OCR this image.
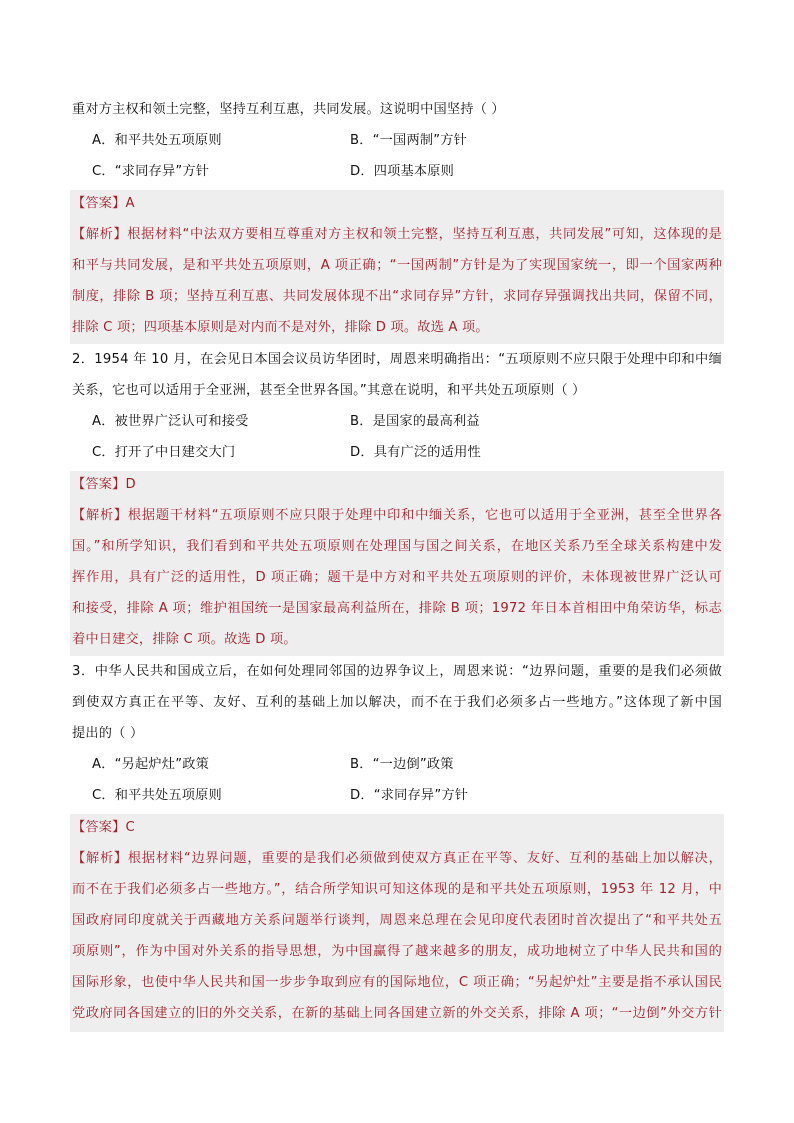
重对方主权和领土完整，坚持互利互惠，共同发展。这说明中国坚持（ ）
A．和平共处五项原则	B．“一国两制”方针
C．“求同存异”方针	D．四项基本原则
【答案】A
【解析】根据材料“中法双方要相互尊重对方主权和领土完整，坚持互利互惠，共同发展”可知，这体现的是
和平与共同发展，是和平共处五项原则，A 项正确；“一国两制”方针是为了实现国家统一，即一个国家两种
制度，排除 B 项；坚持互利互惠、共同发展体现不出“求同存异”方针，求同存异强调找出共同，保留不同，
排除 C 项；四项基本原则是对内而不是对外，排除 D 项。故选 A 项。
2．1954 年 10 月，在会见日本国会议员访华团时，周恩来明确指出：“五项原则不应只限于处理中印和中缅
关系，它也可以适用于全亚洲，甚至全世界各国。”其意在说明，和平共处五项原则（ ）
A．被世界广泛认可和接受	B．是国家的最高利益
C．打开了中日建交大门	D．具有广泛的适用性
【答案】D
【解析】根据题干材料“五项原则不应只限于处理中印和中缅关系，它也可以适用于全亚洲，甚至全世界各
国。”和所学知识，我们看到和平共处五项原则在处理国与国之间关系，在地区关系乃至全球关系构建中发
挥作用，具有广泛的适用性，D 项正确；题干是中方对和平共处五项原则的评价，未体现被世界广泛认可
和接受，排除 A 项；维护祖国统一是国家最高利益所在，排除 B 项；1972 年日本首相田中角荣访华，标志
着中日建交，排除 C 项。故选 D 项。
3．中华人民共和国成立后，在如何处理同邻国的边界争议上，周恩来说：“边界问题，重要的是我们必须做
到使双方真正在平等、友好、互利的基础上加以解决，而不在于我们必须多占一些地方。”这体现了新中国
提出的（ ）
A．“另起炉灶”政策	B．“一边倒”政策
C．和平共处五项原则	D．“求同存异”方针
【答案】C
【解析】根据材料“边界问题，重要的是我们必须做到使双方真正在平等、友好、互利的基础上加以解决，
而不在于我们必须多占一些地方。”，结合所学知识可知这体现的是和平共处五项原则，1953 年 12 月，中
国政府同印度就关于西藏地方关系问题举行谈判，周恩来总理在会见印度代表团时首次提出了“和平共处五
项原则”，作为中国对外关系的指导思想，为中国赢得了越来越多的朋友，成功地树立了中华人民共和国的
国际形象，也使中华人民共和国一步步争取到应有的国际地位，C 项正确；“另起炉灶”主要是指不承认国民
党政府同各国建立的旧的外交关系，在新的基础上同各国建立新的外交关系，排除 A 项；“一边倒”外交方针
